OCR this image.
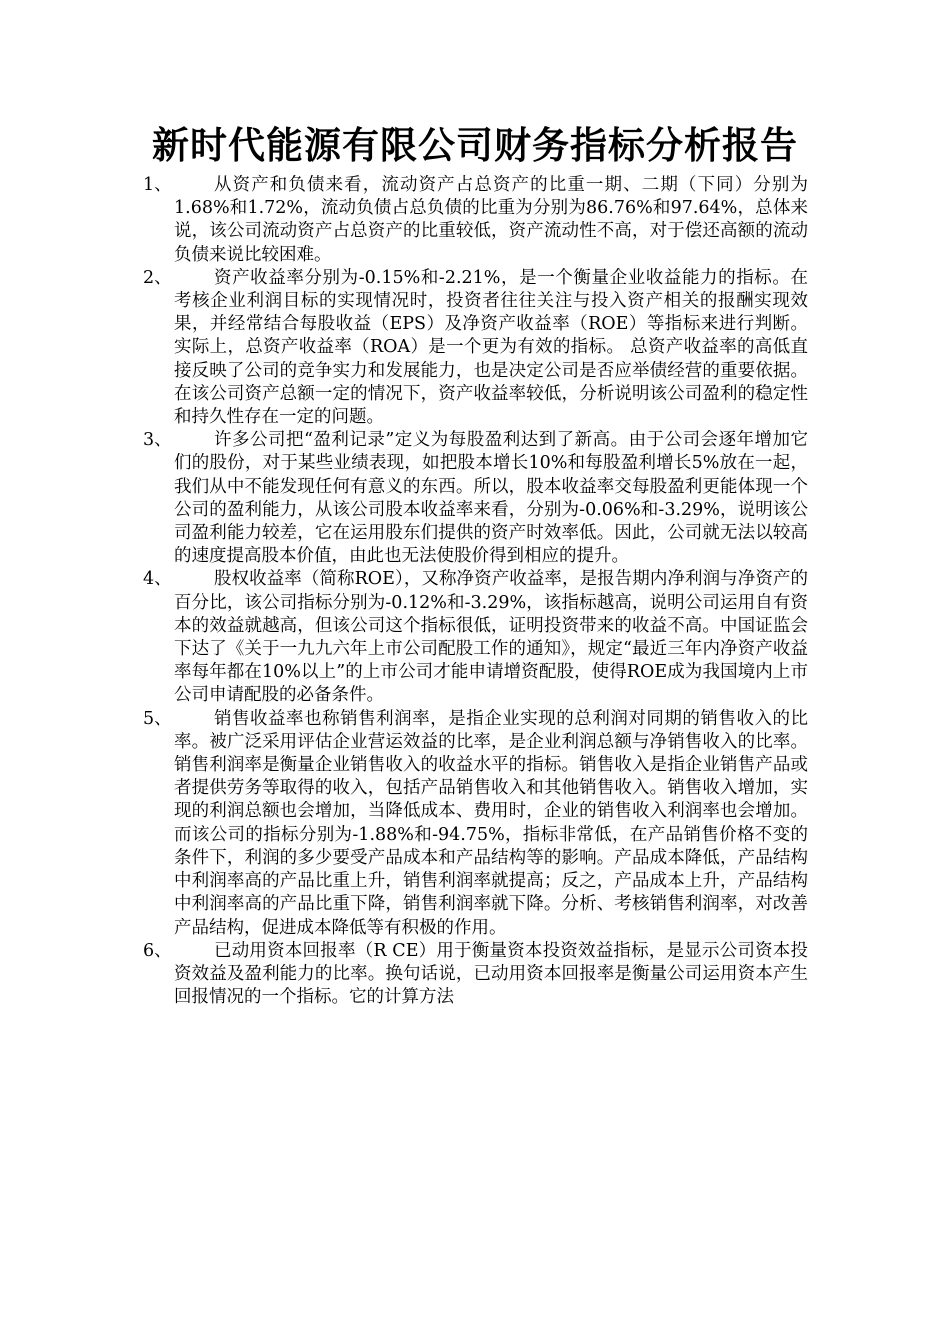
新时代能源有限公司财务指标分析报告
1、	从资产和负债来看，流动资产占总资产的比重一期、二期（下同）分别为1.68%和1.72%，流动负债占总负债的比重为分别为86.76%和97.64%，总体来说，该公司流动资产占总资产的比重较低，资产流动性不高，对于偿还高额的流动负债来说比较困难。
2、	资产收益率分别为-0.15%和-2.21%，是一个衡量企业收益能力的指标。在考核企业利润目标的实现情况时，投资者往往关注与投入资产相关的报酬实现效果，并经常结合每股收益（EPS）及净资产收益率（ROE）等指标来进行判断。实际上，总资产收益率（ROA）是一个更为有效的指标。 总资产收益率的高低直接反映了公司的竞争实力和发展能力，也是决定公司是否应举债经营的重要依据。在该公司资产总额一定的情况下，资产收益率较低，分析说明该公司盈利的稳定性和持久性存在一定的问题。
3、	许多公司把“盈利记录”定义为每股盈利达到了新高。由于公司会逐年增加它们的股份，对于某些业绩表现，如把股本增长10%和每股盈利增长5%放在一起，我们从中不能发现任何有意义的东西。所以，股本收益率交每股盈利更能体现一个公司的盈利能力，从该公司股本收益率来看，分别为-0.06%和-3.29%，说明该公司盈利能力较差，它在运用股东们提供的资产时效率低。因此，公司就无法以较高的速度提高股本价值，由此也无法使股价得到相应的提升。
4、	股权收益率（简称ROE），又称净资产收益率，是报告期内净利润与净资产的百分比，该公司指标分别为-0.12%和-3.29%，该指标越高，说明公司运用自有资本的效益就越高，但该公司这个指标很低，证明投资带来的收益不高。中国证监会下达了《关于一九九六年上市公司配股工作的通知》，规定“最近三年内净资产收益率每年都在10%以上”的上市公司才能申请增资配股，使得ROE成为我国境内上市公司申请配股的必备条件。
5、	销售收益率也称销售利润率，是指企业实现的总利润对同期的销售收入的比率。被广泛采用评估企业营运效益的比率，是企业利润总额与净销售收入的比率。销售利润率是衡量企业销售收入的收益水平的指标。销售收入是指企业销售产品或者提供劳务等取得的收入，包括产品销售收入和其他销售收入。销售收入增加，实现的利润总额也会增加，当降低成本、费用时，企业的销售收入利润率也会增加。而该公司的指标分别为-1.88%和-94.75%，指标非常低，在产品销售价格不变的条件下，利润的多少要受产品成本和产品结构等的影响。产品成本降低，产品结构中利润率高的产品比重上升，销售利润率就提高；反之，产品成本上升，产品结构中利润率高的产品比重下降，销售利润率就下降。分析、考核销售利润率，对改善产品结构，促进成本降低等有积极的作用。
6、	已动用资本回报率（R CE）用于衡量资本投资效益指标，是显示公司资本投资效益及盈利能力的比率。换句话说，已动用资本回报率是衡量公司运用资本产生回报情况的一个指标。它的计算方法
